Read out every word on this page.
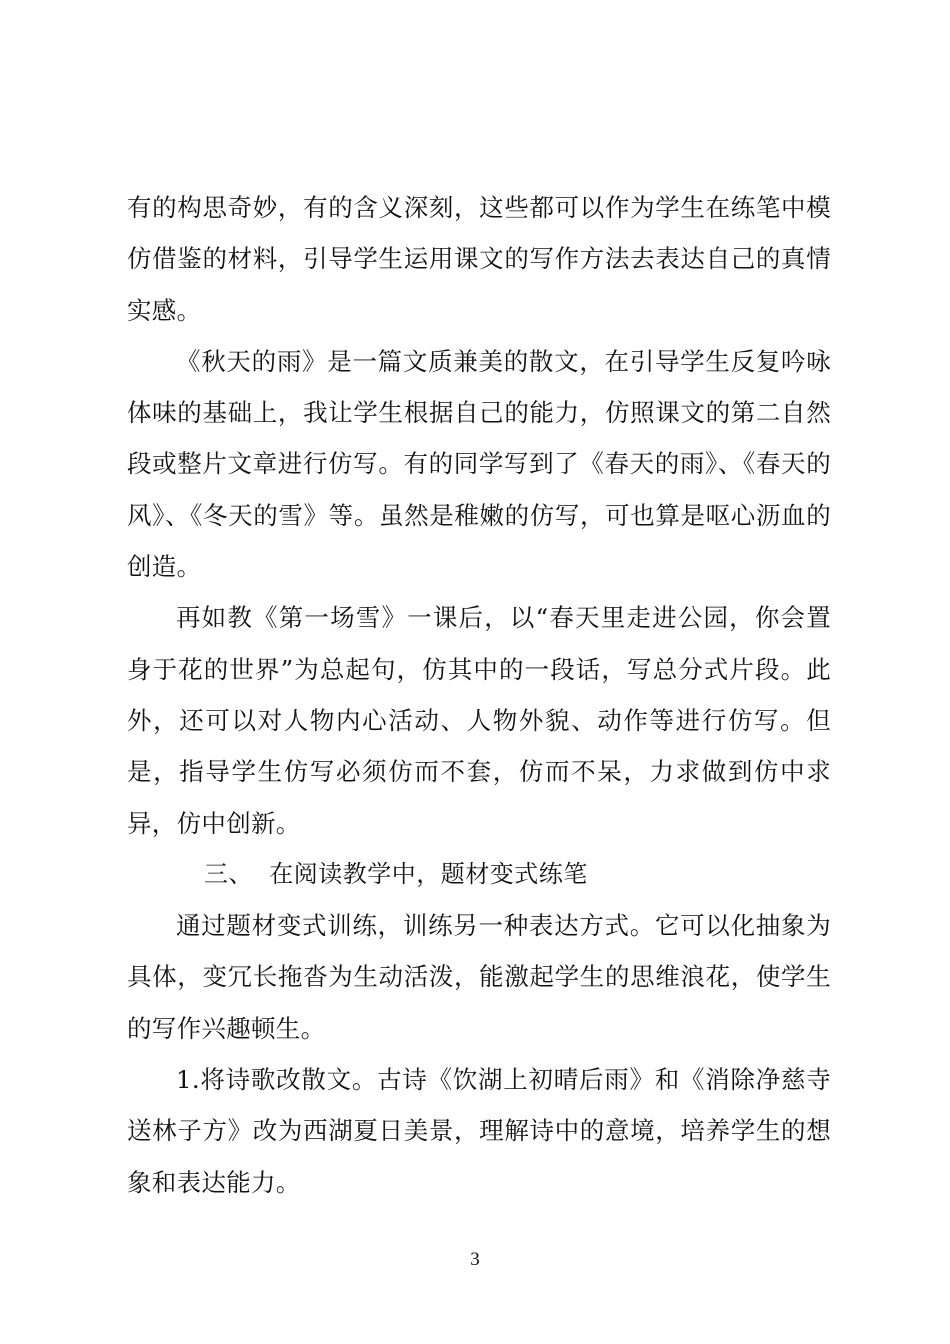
有的构思奇妙，有的含义深刻，这些都可以作为学生在练笔中模仿借鉴的材料，引导学生运用课文的写作方法去表达自己的真情实感。

《秋天的雨》是一篇文质兼美的散文，在引导学生反复吟咏体味的基础上，我让学生根据自己的能力，仿照课文的第二自然段或整片文章进行仿写。有的同学写到了《春天的雨》、《春天的风》、《冬天的雪》等。虽然是稚嫩的仿写，可也算是呕心沥血的创造。

再如教《第一场雪》一课后，以“春天里走进公园，你会置身于花的世界”为总起句，仿其中的一段话，写总分式片段。此外，还可以对人物内心活动、人物外貌、动作等进行仿写。但是，指导学生仿写必须仿而不套，仿而不呆，力求做到仿中求异，仿中创新。

三、  在阅读教学中，题材变式练笔

通过题材变式训练，训练另一种表达方式。它可以化抽象为具体，变冗长拖沓为生动活泼，能激起学生的思维浪花，使学生的写作兴趣顿生。

1.将诗歌改散文。古诗《饮湖上初晴后雨》和《消除净慈寺送林子方》改为西湖夏日美景，理解诗中的意境，培养学生的想象和表达能力。

3
